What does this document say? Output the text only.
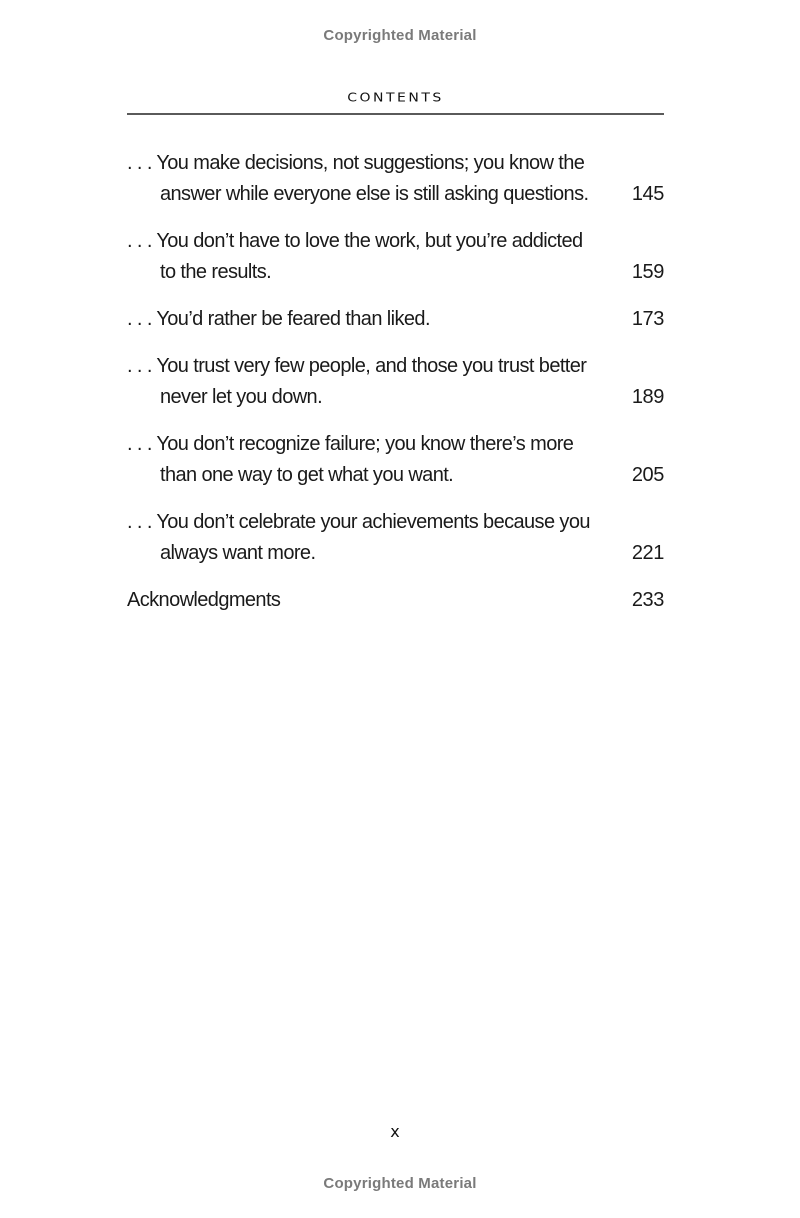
Copyrighted Material
CONTENTS
. . . You make decisions, not suggestions; you know the
answer while everyone else is still asking questions.	145
. . . You don’t have to love the work, but you’re addicted
to the results.	159
. . . You’d rather be feared than liked.	173
. . . You trust very few people, and those you trust better
never let you down.	189
. . . You don’t recognize failure; you know there’s more
than one way to get what you want.	205
. . . You don’t celebrate your achievements because you
always want more.	221
Acknowledgments	233
x
Copyrighted Material
